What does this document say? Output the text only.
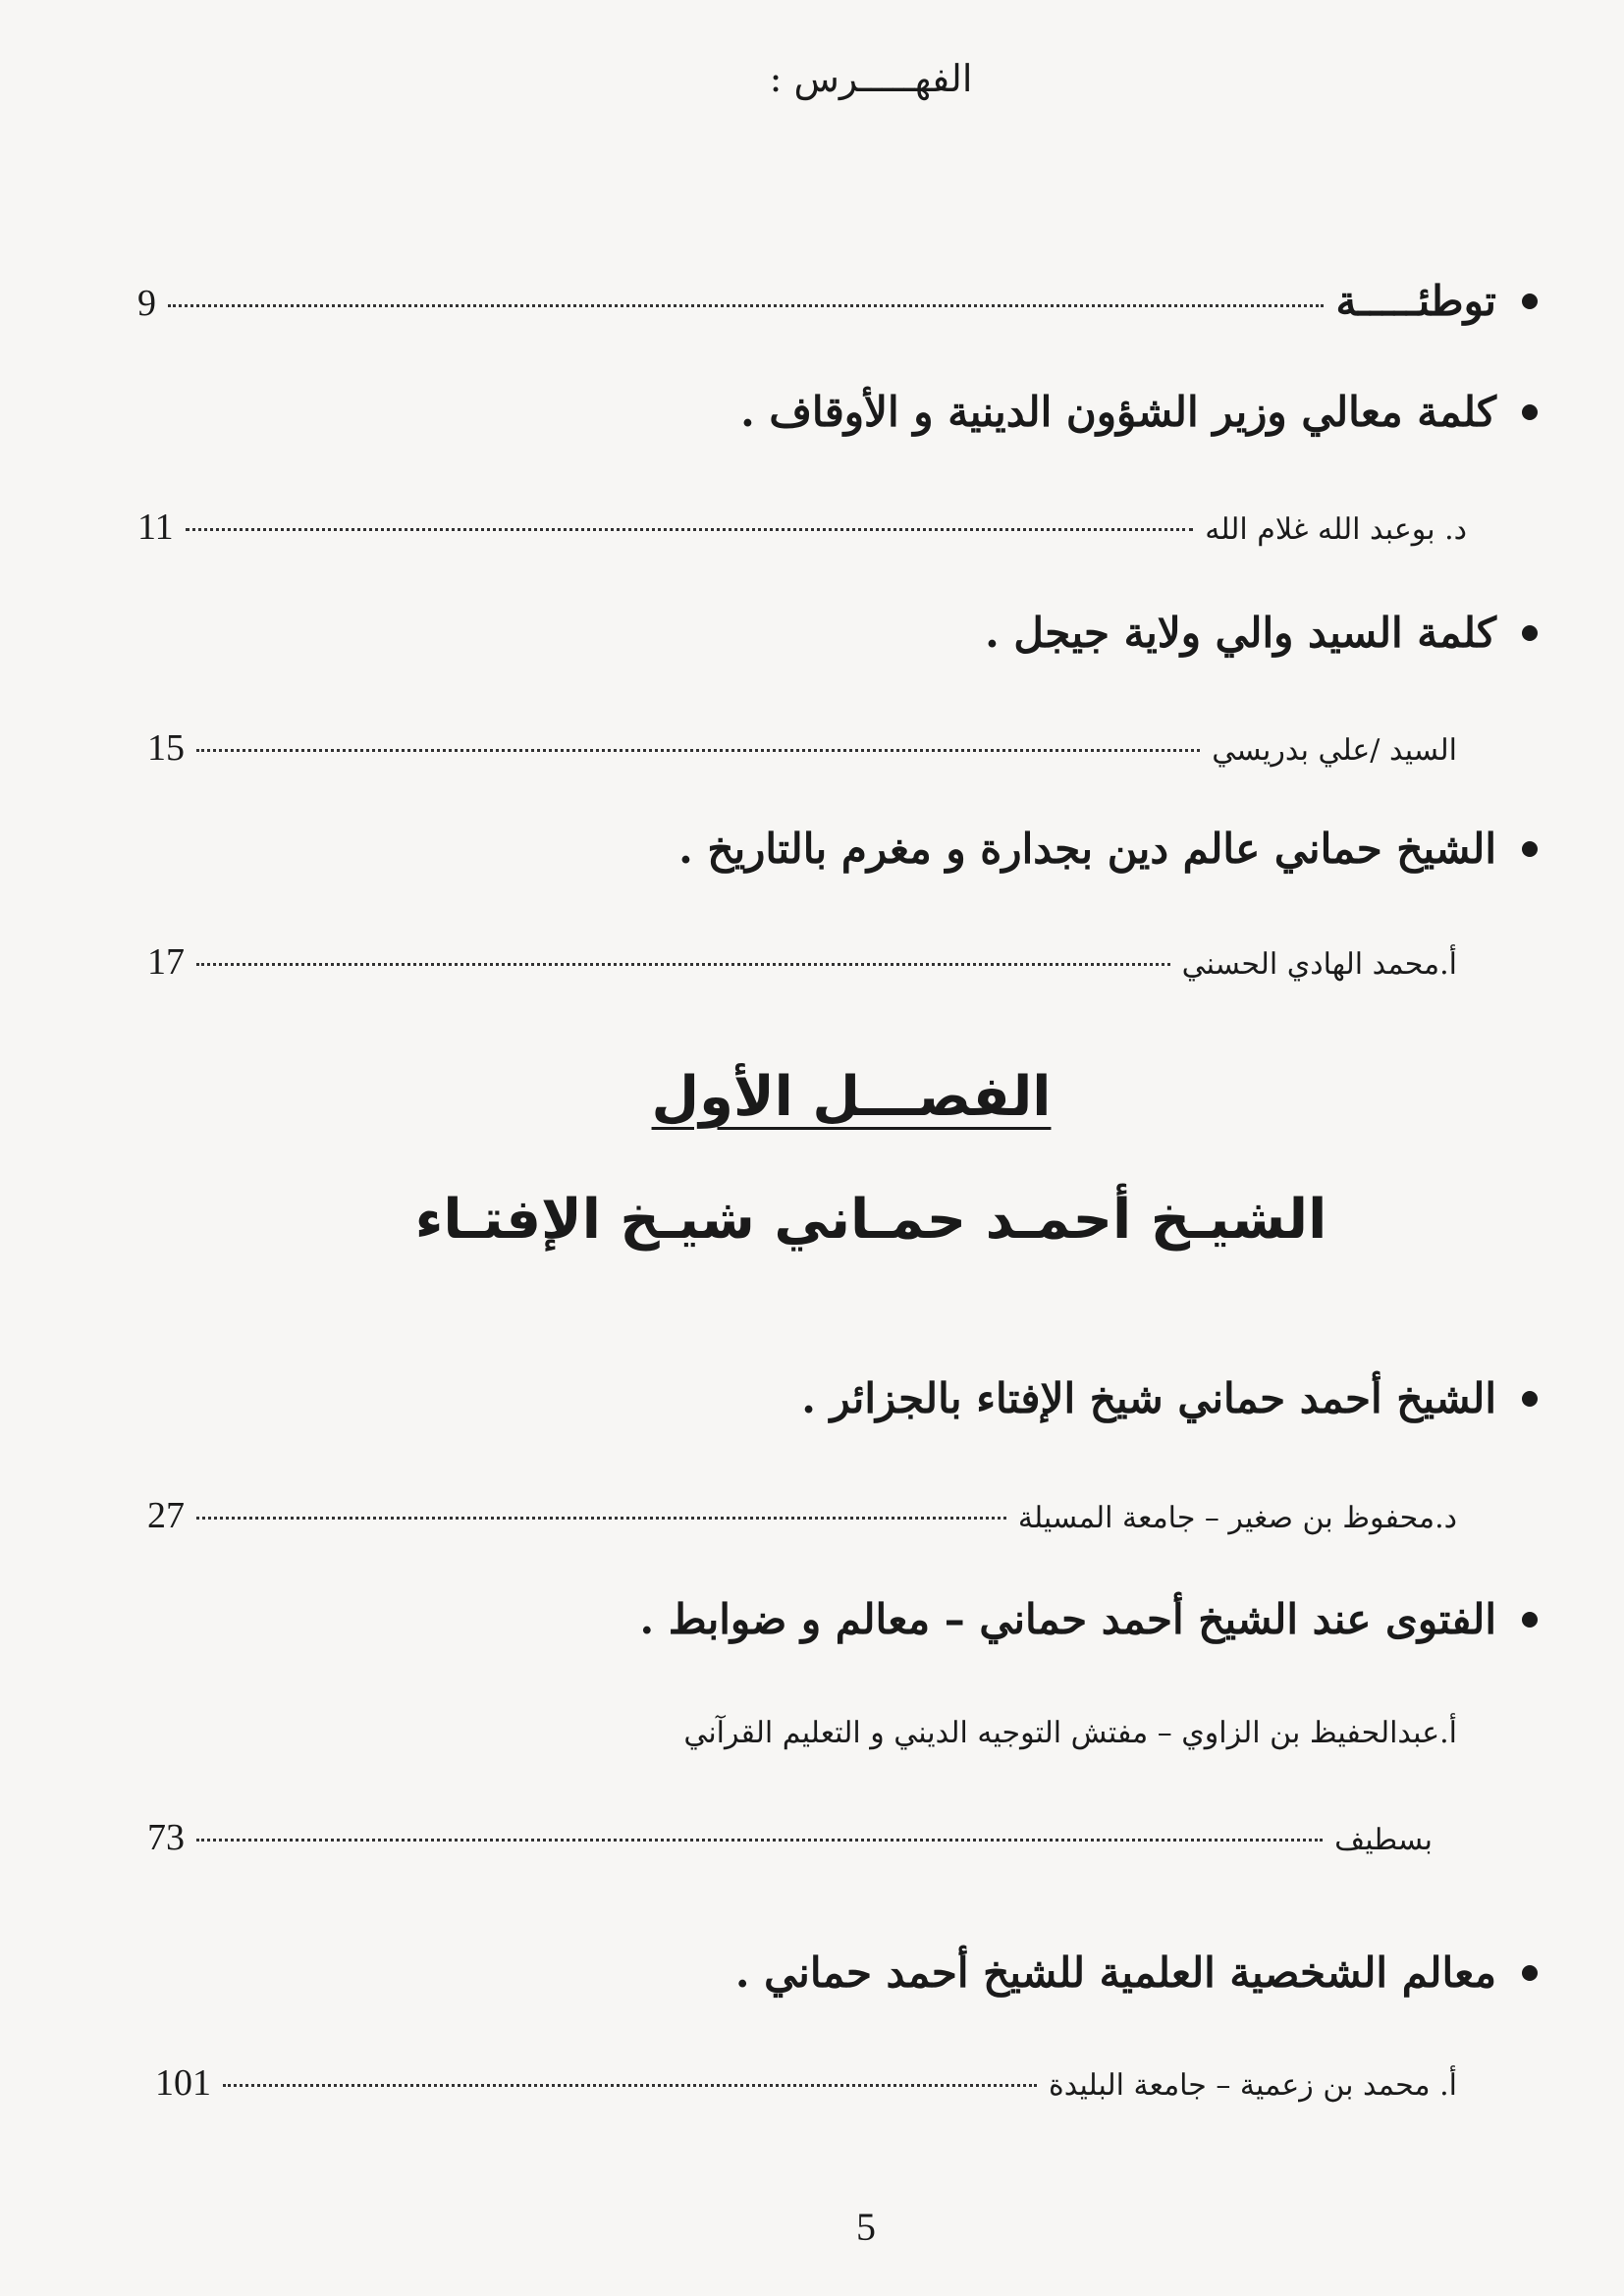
الفهـــــرس :
توطئـــــة
9
كلمة معالي وزير الشؤون الدينية و الأوقاف .
د. بوعبد الله غلام الله
11
كلمة السيد والي ولاية جيجل .
السيد /علي بدريسي
15
الشيخ حماني عالم دين بجدارة و مغرم بالتاريخ .
أ.محمد الهادي الحسني
17
الفصـــل الأول
الشيـخ أحمـد حمـاني شيـخ الإفتـاء
الشيخ أحمد حماني شيخ الإفتاء بالجزائر .
د.محفوظ بن صغير – جامعة المسيلة
27
الفتوى عند الشيخ أحمد حماني – معالم و ضوابط .
أ.عبدالحفيظ بن الزاوي – مفتش التوجيه الديني و التعليم القرآني
بسطيف
73
معالم الشخصية العلمية للشيخ أحمد حماني .
أ. محمد بن زعمية – جامعة البليدة
101
5
